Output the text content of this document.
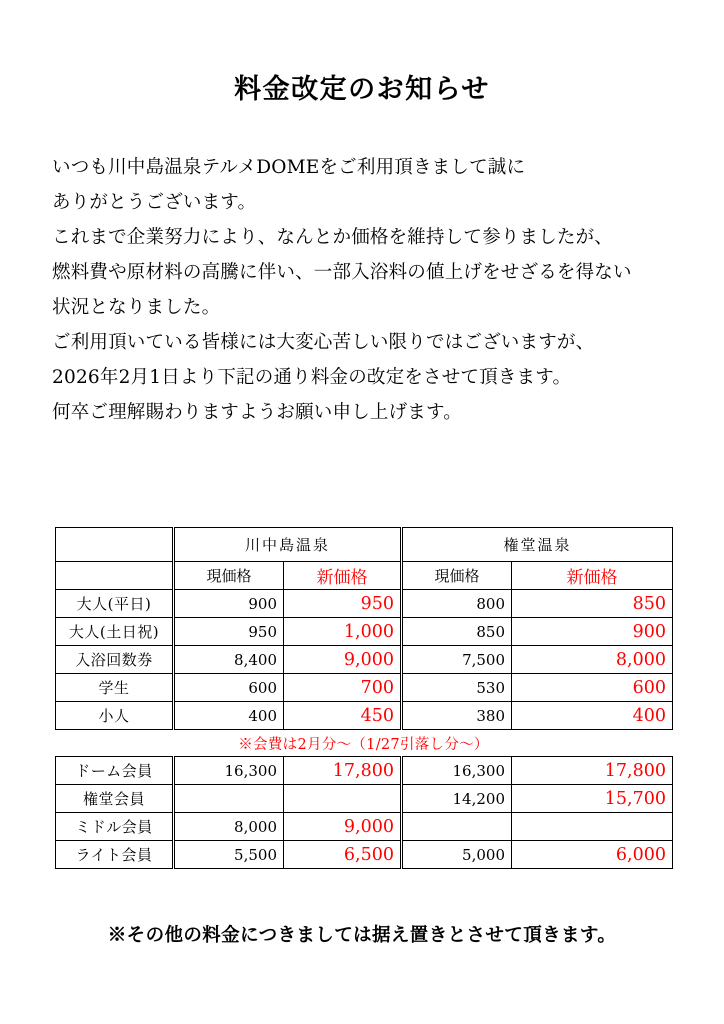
料金改定のお知らせ
いつも川中島温泉テルメDOMEをご利用頂きまして誠に
ありがとうございます。
これまで企業努力により、なんとか価格を維持して参りましたが、
燃料費や原材料の高騰に伴い、一部入浴料の値上げをせざるを得ない
状況となりました。
ご利用頂いている皆様には大変心苦しい限りではございますが、
2026年2月1日より下記の通り料金の改定をさせて頂きます。
何卒ご理解賜わりますようお願い申し上げます。
	川中島温泉		権堂温泉	
	現価格	新価格	現価格	新価格
大人(平日)	900	950	800	850
大人(土日祝)	950	1,000	850	900
入浴回数券	8,400	9,000	7,500	8,000
学生	600	700	530	600
小人	400	450	380	400
※会費は2月分～（1/27引落し分～）
ドーム会員	16,300	17,800	16,300	17,800
権堂会員			14,200	15,700
ミドル会員	8,000	9,000		
ライト会員	5,500	6,500	5,000	6,000
※その他の料金につきましては据え置きとさせて頂きます。
